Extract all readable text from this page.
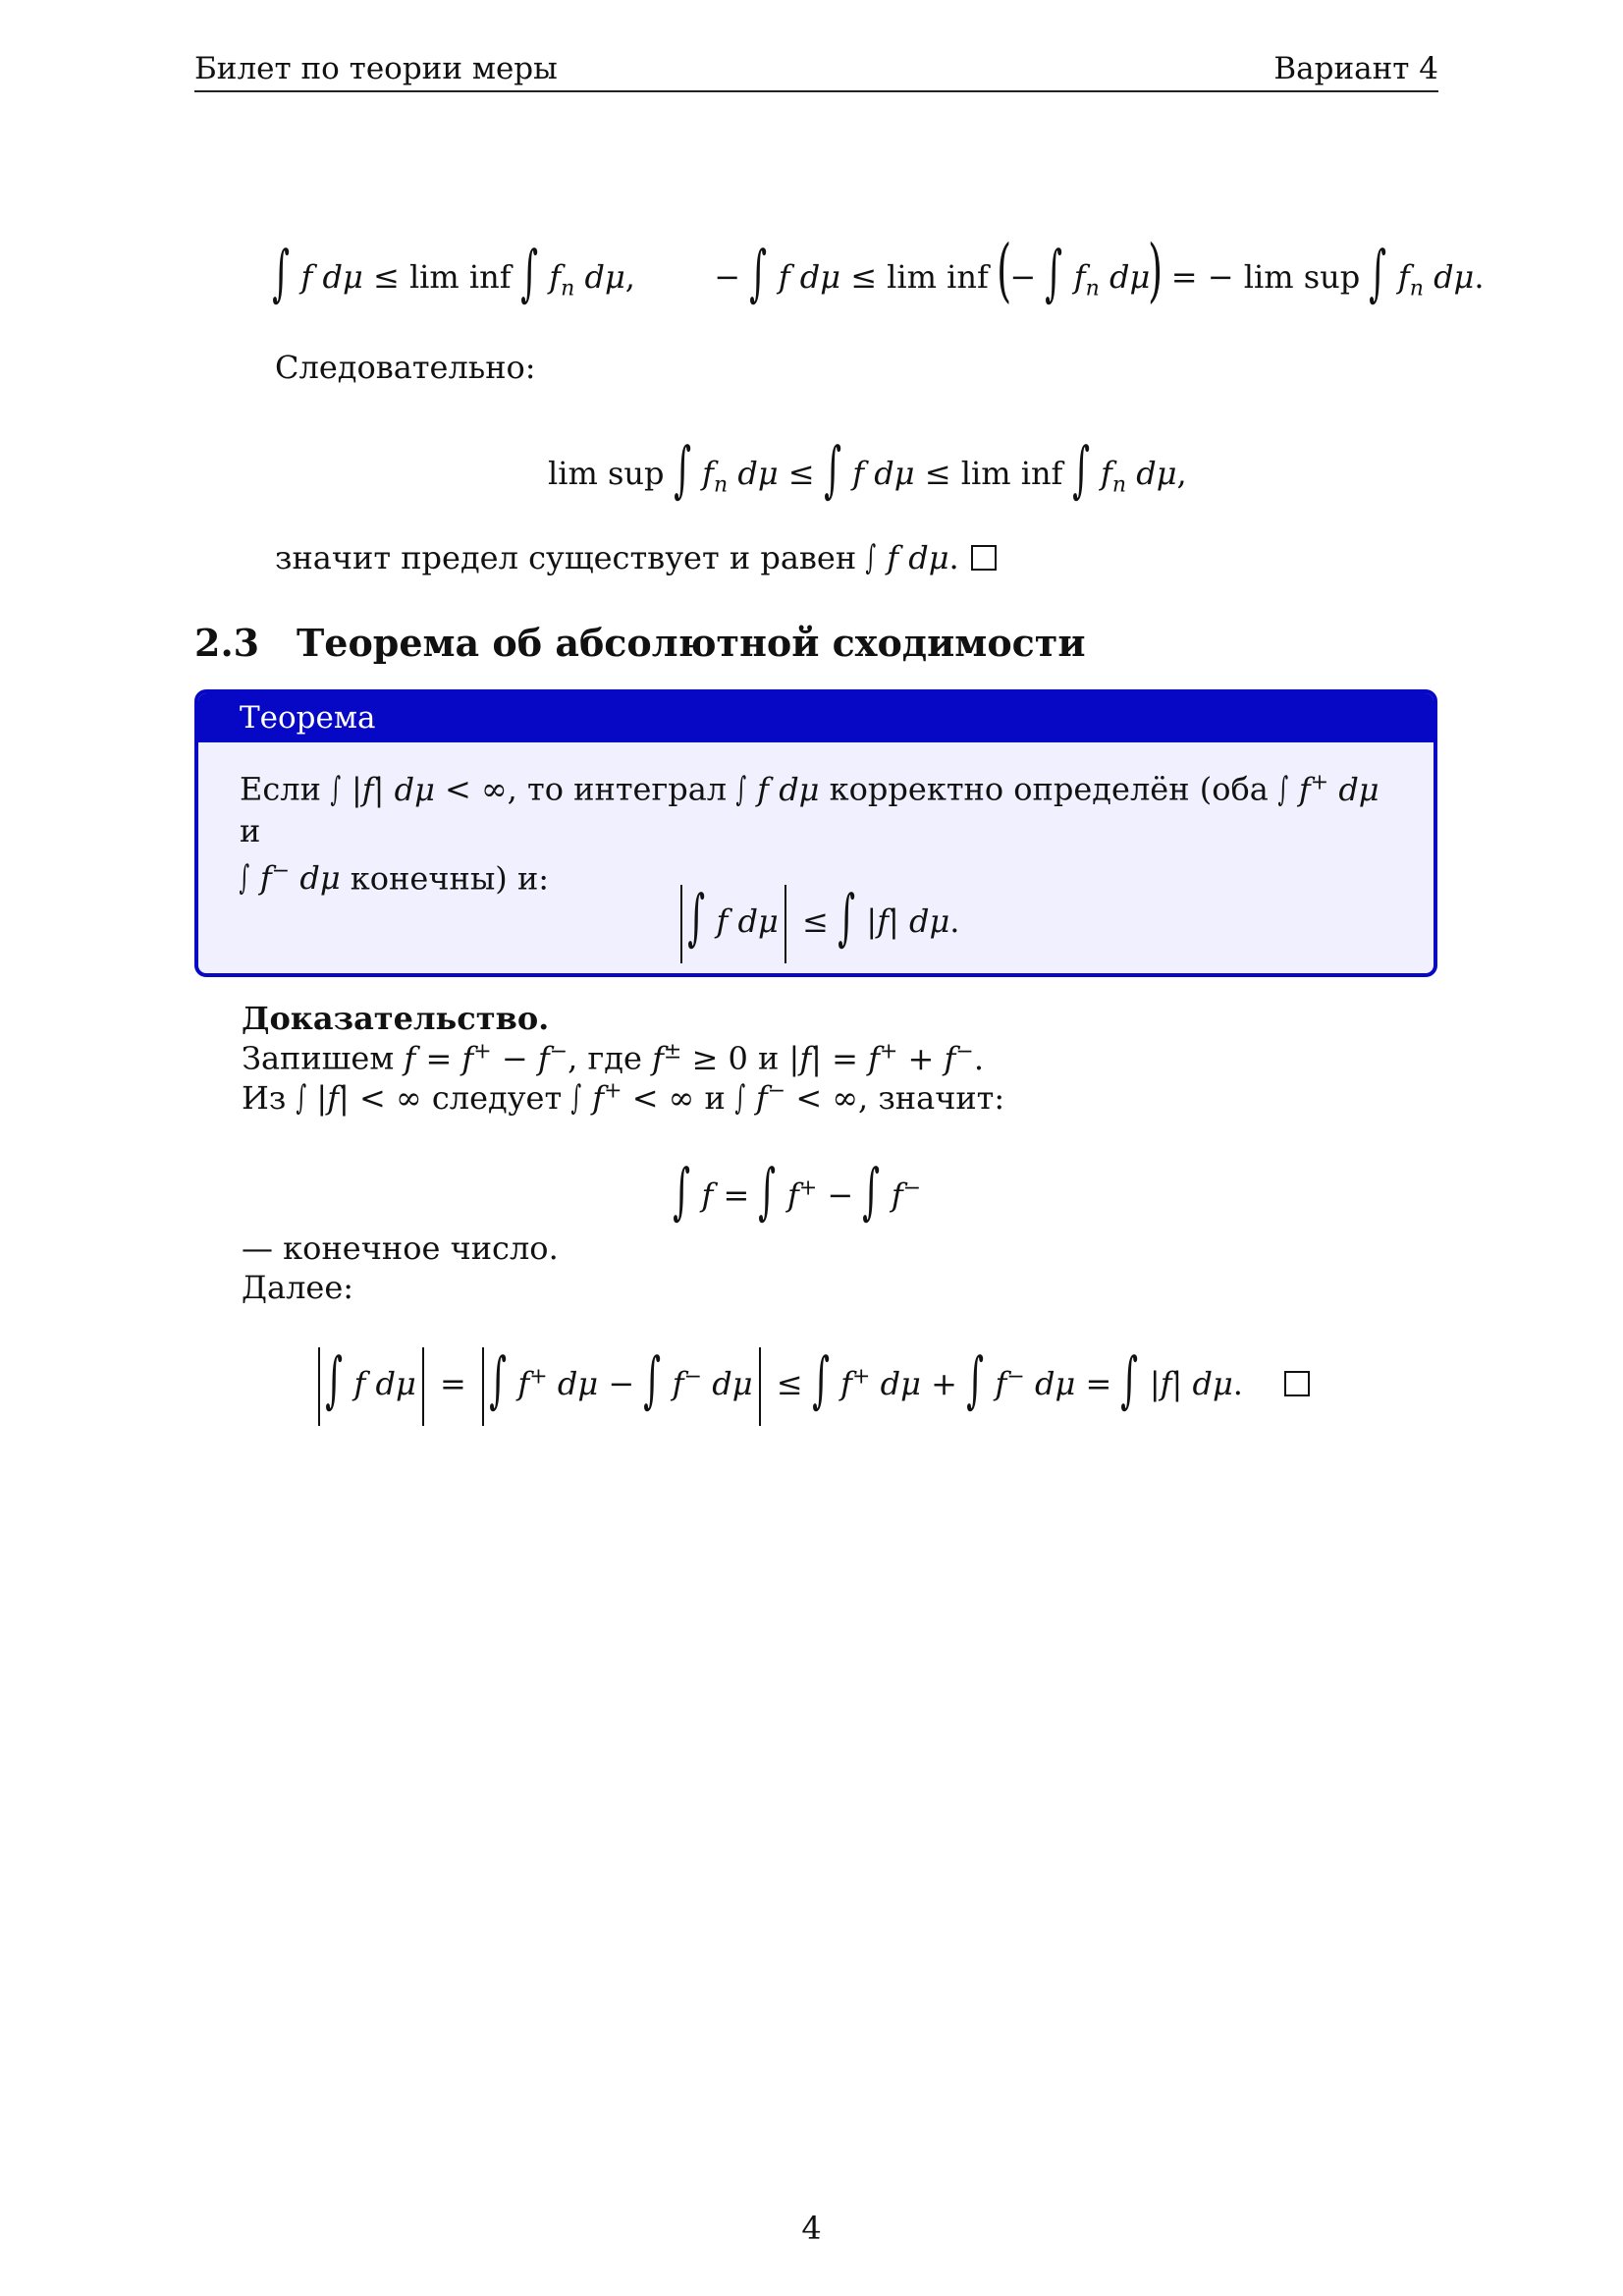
Билет по теории меры	Вариант 4
∫ f dμ ≤ lim inf ∫ $f_n$ dμ,  − ∫ f dμ ≤ lim inf (− ∫ $f_n$ dμ) = − lim sup ∫ $f_n$ dμ.
Следовательно:
lim sup ∫ $f_n$ dμ ≤ ∫ f dμ ≤ lim inf ∫ $f_n$ dμ,
значит предел существует и равен ∫ f dμ.
2.3 Теорема об абсолютной сходимости
Теорема
Если ∫ |f| dμ < ∞, то интеграл ∫ f dμ корректно определён (оба ∫ f+ dμ и
∫ f− dμ конечны) и:
∫ f dμ ≤ ∫ |f| dμ.
Доказательство.
Запишем f = f+ − f−, где f± ≥ 0 и |f| = f+ + f−.
Из ∫ |f| < ∞ следует ∫ f+ < ∞ и ∫ f− < ∞, значит:
∫ f = ∫ f+ − ∫ f−
— конечное число.
Далее:
∫ f dμ = ∫ f+ dμ − ∫ f− dμ ≤ ∫ f+ dμ + ∫ f− dμ = ∫ |f| dμ.
4
